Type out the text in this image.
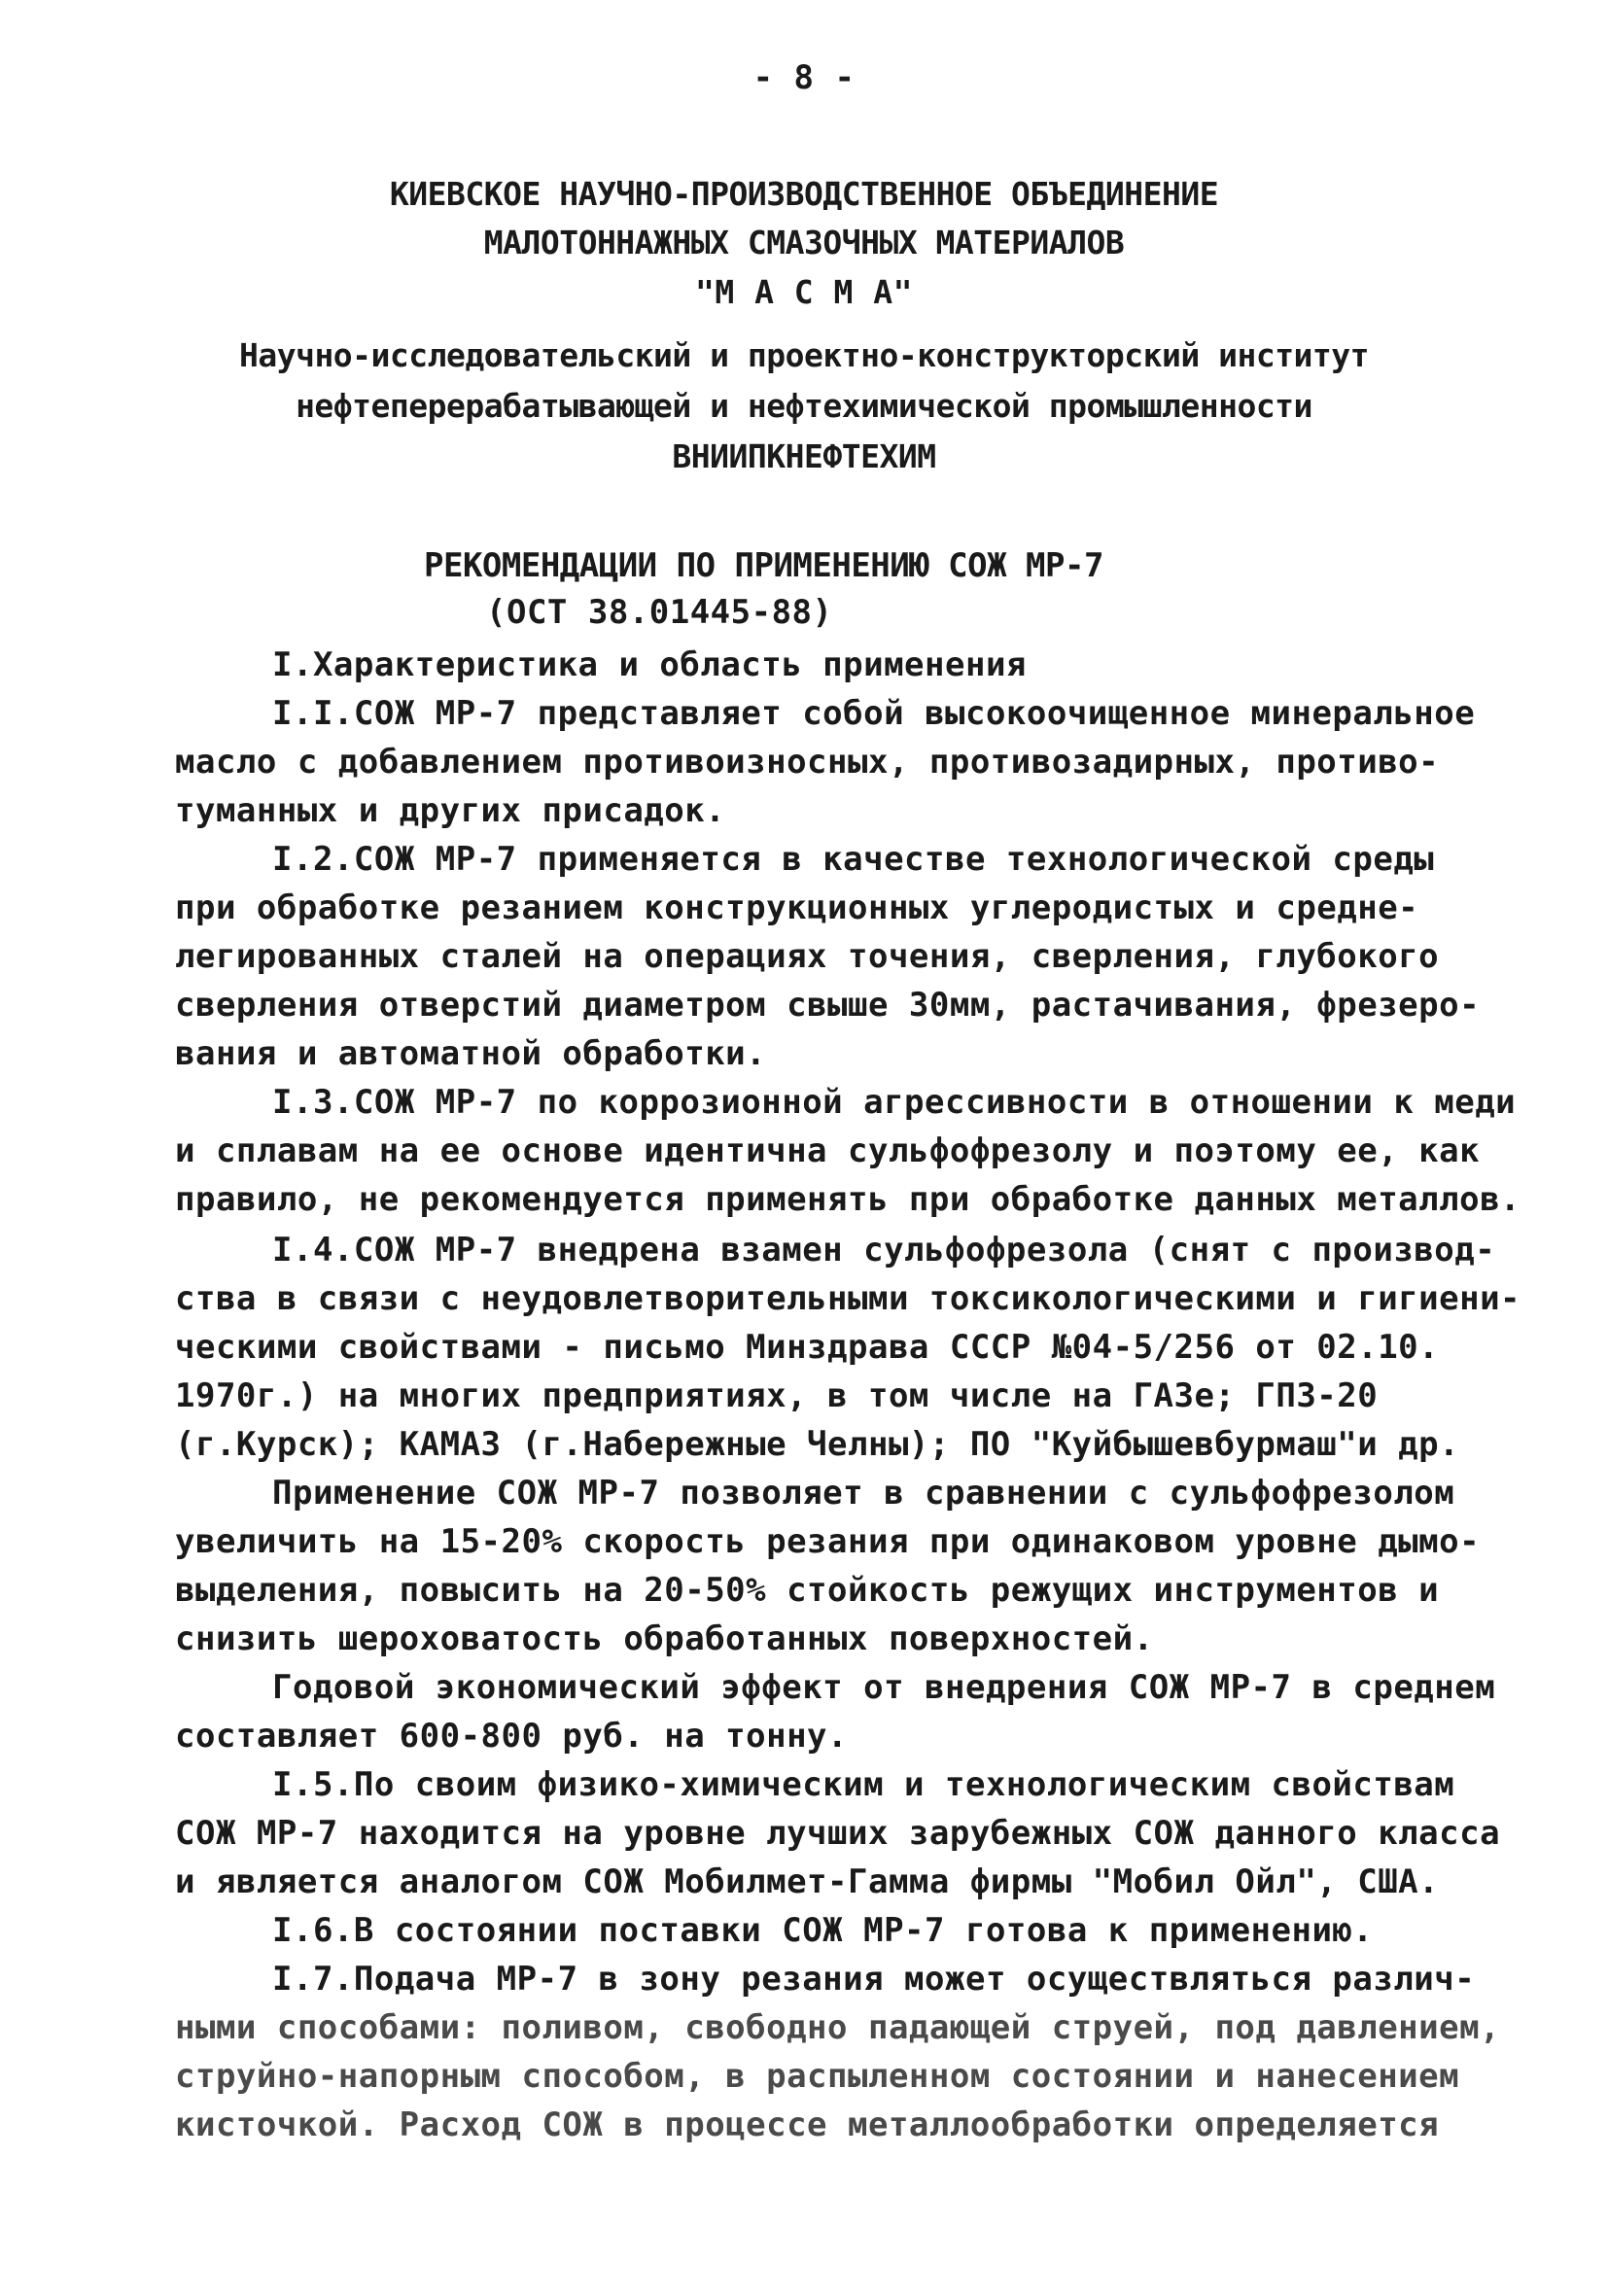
- 8 -
КИЕВСКОЕ НАУЧНО-ПРОИЗВОДСТВЕННОЕ ОБЪЕДИНЕНИЕ
МАЛОТОННАЖНЫХ СМАЗОЧНЫХ МАТЕРИАЛОВ
"М А С М А"
Научно-исследовательский и проектно-конструкторский институт
нефтеперерабатывающей и нефтехимической промышленности
ВНИИПКНЕФТЕХИМ
РЕКОМЕНДАЦИИ ПО ПРИМЕНЕНИЮ СОЖ МР-7
(ОСТ 38.01445-88)
I.Характеристика и область применения
I.I.СОЖ МР-7 представляет собой высокоочищенное минеральное
масло с добавлением противоизносных, противозадирных, противо-
туманных и других присадок.
I.2.СОЖ МР-7 применяется в качестве технологической среды
при обработке резанием конструкционных углеродистых и средне-
легированных сталей на операциях точения, сверления, глубокого
сверления отверстий диаметром свыше 30мм, растачивания, фрезеро-
вания и автоматной обработки.
I.3.СОЖ МР-7 по коррозионной агрессивности в отношении к меди
и сплавам на ее основе идентична сульфофрезолу и поэтому ее, как
правило, не рекомендуется применять при обработке данных металлов.
I.4.СОЖ МР-7 внедрена взамен сульфофрезола (снят с производ-
ства в связи с неудовлетворительными токсикологическими и гигиени-
ческими свойствами - письмо Минздрава СССР №04-5/256 от 02.10.
1970г.) на многих предприятиях, в том числе на ГАЗе; ГПЗ-20
(г.Курск); КАМАЗ (г.Набережные Челны); ПО "Куйбышевбурмаш"и др.
Применение СОЖ МР-7 позволяет в сравнении с сульфофрезолом
увеличить на 15-20% скорость резания при одинаковом уровне дымо-
выделения, повысить на 20-50% стойкость режущих инструментов и
снизить шероховатость обработанных поверхностей.
Годовой экономический эффект от внедрения СОЖ МР-7 в среднем
составляет 600-800 руб. на тонну.
I.5.По своим физико-химическим и технологическим свойствам
СОЖ МР-7 находится на уровне лучших зарубежных СОЖ данного класса
и является аналогом СОЖ Мобилмет-Гамма фирмы "Мобил Ойл", США.
I.6.В состоянии поставки СОЖ МР-7 готова к применению.
I.7.Подача МР-7 в зону резания может осуществляться различ-
ными способами: поливом, свободно падающей струей, под давлением,
струйно-напорным способом, в распыленном состоянии и нанесением
кисточкой. Расход СОЖ в процессе металлообработки определяется
